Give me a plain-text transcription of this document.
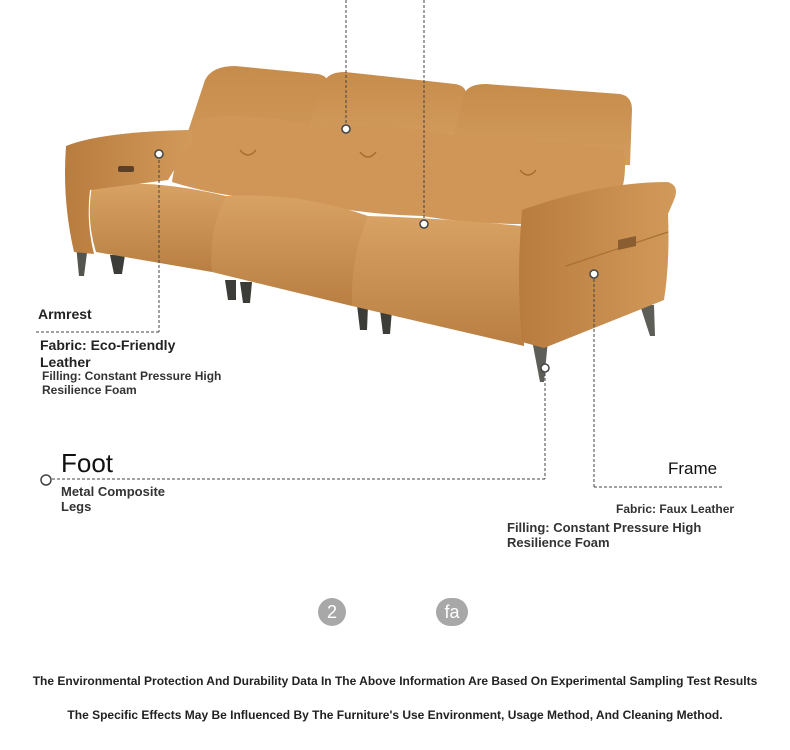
Armrest
Fabric: Eco-Friendly Leather
Filling: Constant Pressure High Resilience Foam
Foot
Metal Composite Legs
Frame
Fabric: Faux Leather
Filling: Constant Pressure High Resilience Foam
2	fa
The Environmental Protection And Durability Data In The Above Information Are Based On Experimental Sampling Test Results
The Specific Effects May Be Influenced By The Furniture's Use Environment, Usage Method, And Cleaning Method.
